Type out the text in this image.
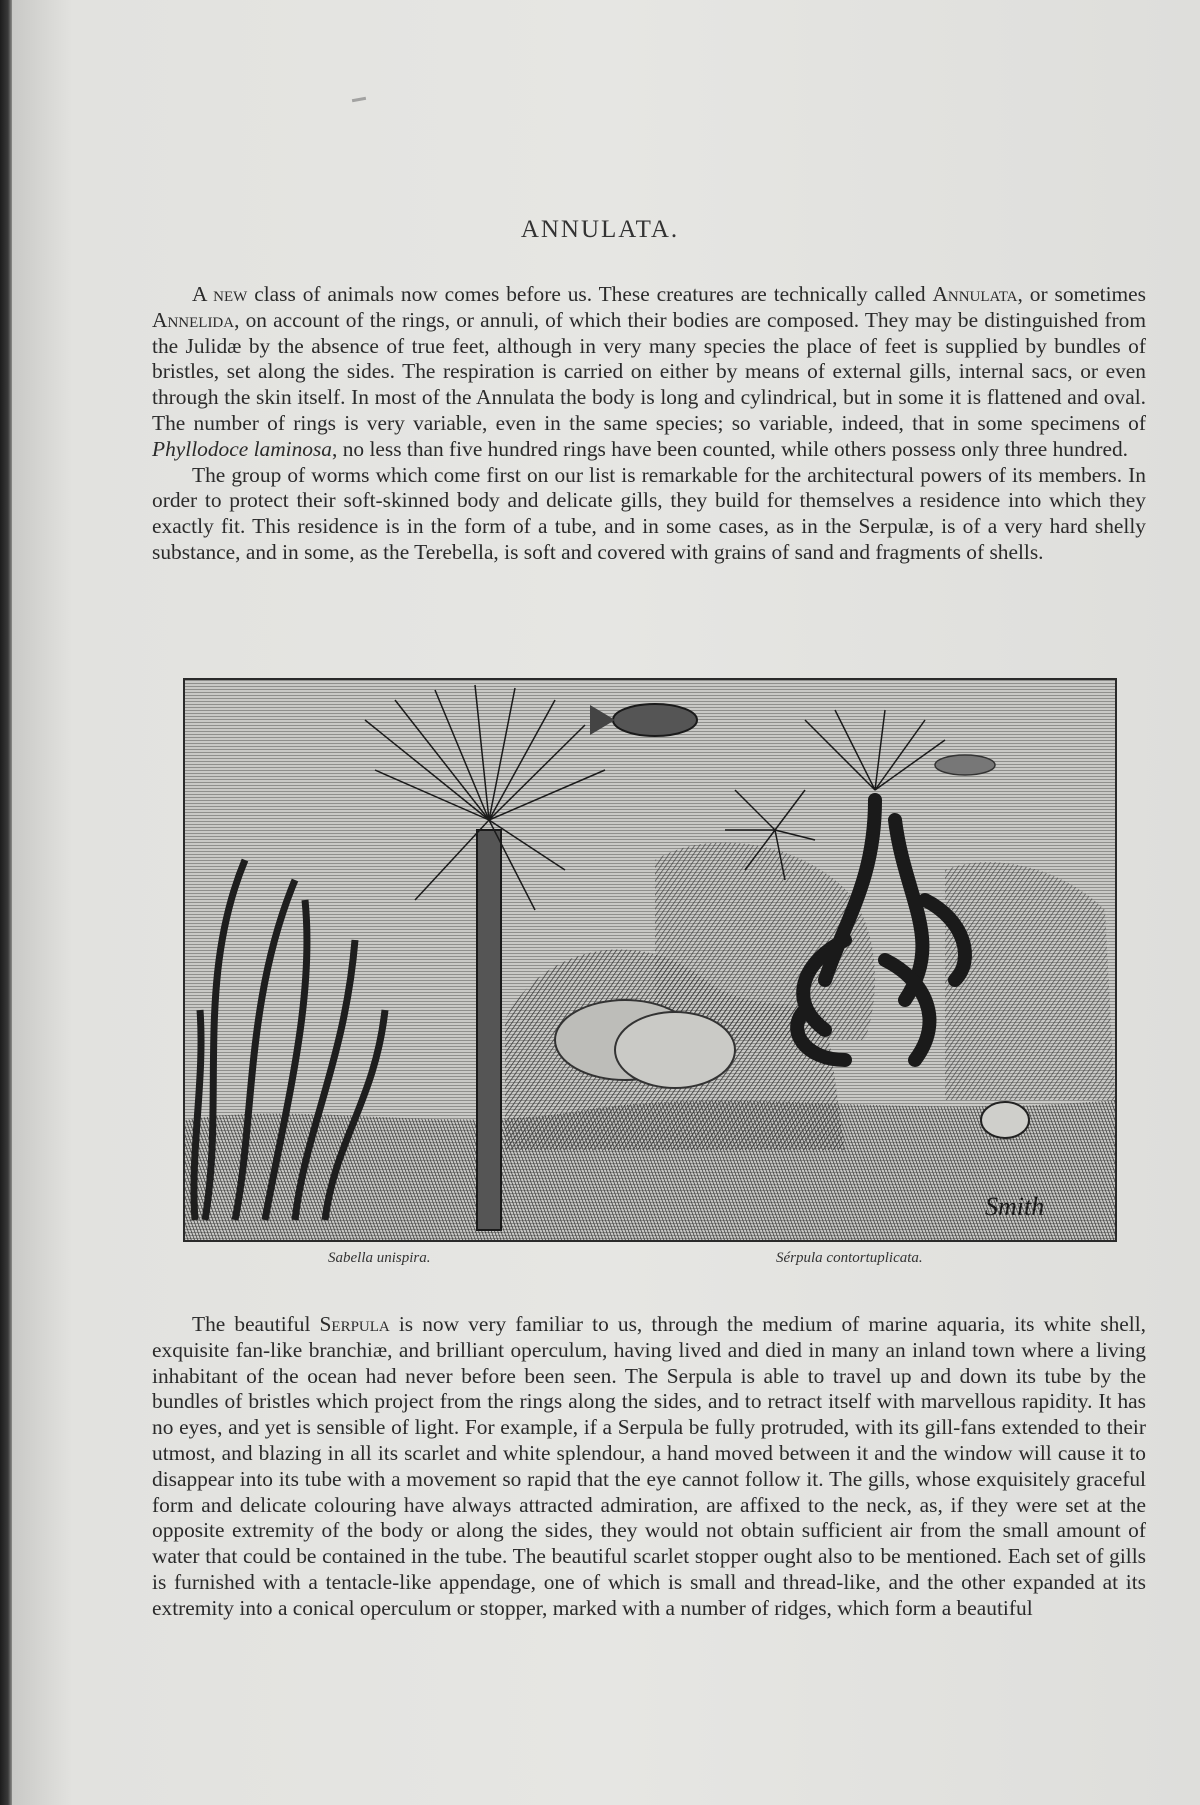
ANNULATA.

A new class of animals now comes before us. These creatures are technically called Annulata, or sometimes Annelida, on account of the rings, or annuli, of which their bodies are composed. They may be distinguished from the Julidæ by the absence of true feet, although in very many species the place of feet is supplied by bundles of bristles, set along the sides. The respiration is carried on either by means of external gills, internal sacs, or even through the skin itself. In most of the Annulata the body is long and cylindrical, but in some it is flattened and oval. The number of rings is very variable, even in the same species; so variable, indeed, that in some specimens of Phyllodoce laminosa, no less than five hundred rings have been counted, while others possess only three hundred.

The group of worms which come first on our list is remarkable for the architectural powers of its members. In order to protect their soft-skinned body and delicate gills, they build for themselves a residence into which they exactly fit. This residence is in the form of a tube, and in some cases, as in the Serpulæ, is of a very hard shelly substance, and in some, as the Terebella, is soft and covered with grains of sand and fragments of shells.

Smith
Sabella unispira.	Sérpula contortuplicata.

The beautiful Serpula is now very familiar to us, through the medium of marine aquaria, its white shell, exquisite fan-like branchiæ, and brilliant operculum, having lived and died in many an inland town where a living inhabitant of the ocean had never before been seen. The Serpula is able to travel up and down its tube by the bundles of bristles which project from the rings along the sides, and to retract itself with marvellous rapidity. It has no eyes, and yet is sensible of light. For example, if a Serpula be fully protruded, with its gill-fans extended to their utmost, and blazing in all its scarlet and white splendour, a hand moved between it and the window will cause it to disappear into its tube with a movement so rapid that the eye cannot follow it. The gills, whose exquisitely graceful form and delicate colouring have always attracted admiration, are affixed to the neck, as, if they were set at the opposite extremity of the body or along the sides, they would not obtain sufficient air from the small amount of water that could be contained in the tube. The beautiful scarlet stopper ought also to be mentioned. Each set of gills is furnished with a tentacle-like appendage, one of which is small and thread-like, and the other expanded at its extremity into a conical operculum or stopper, marked with a number of ridges, which form a beautiful
